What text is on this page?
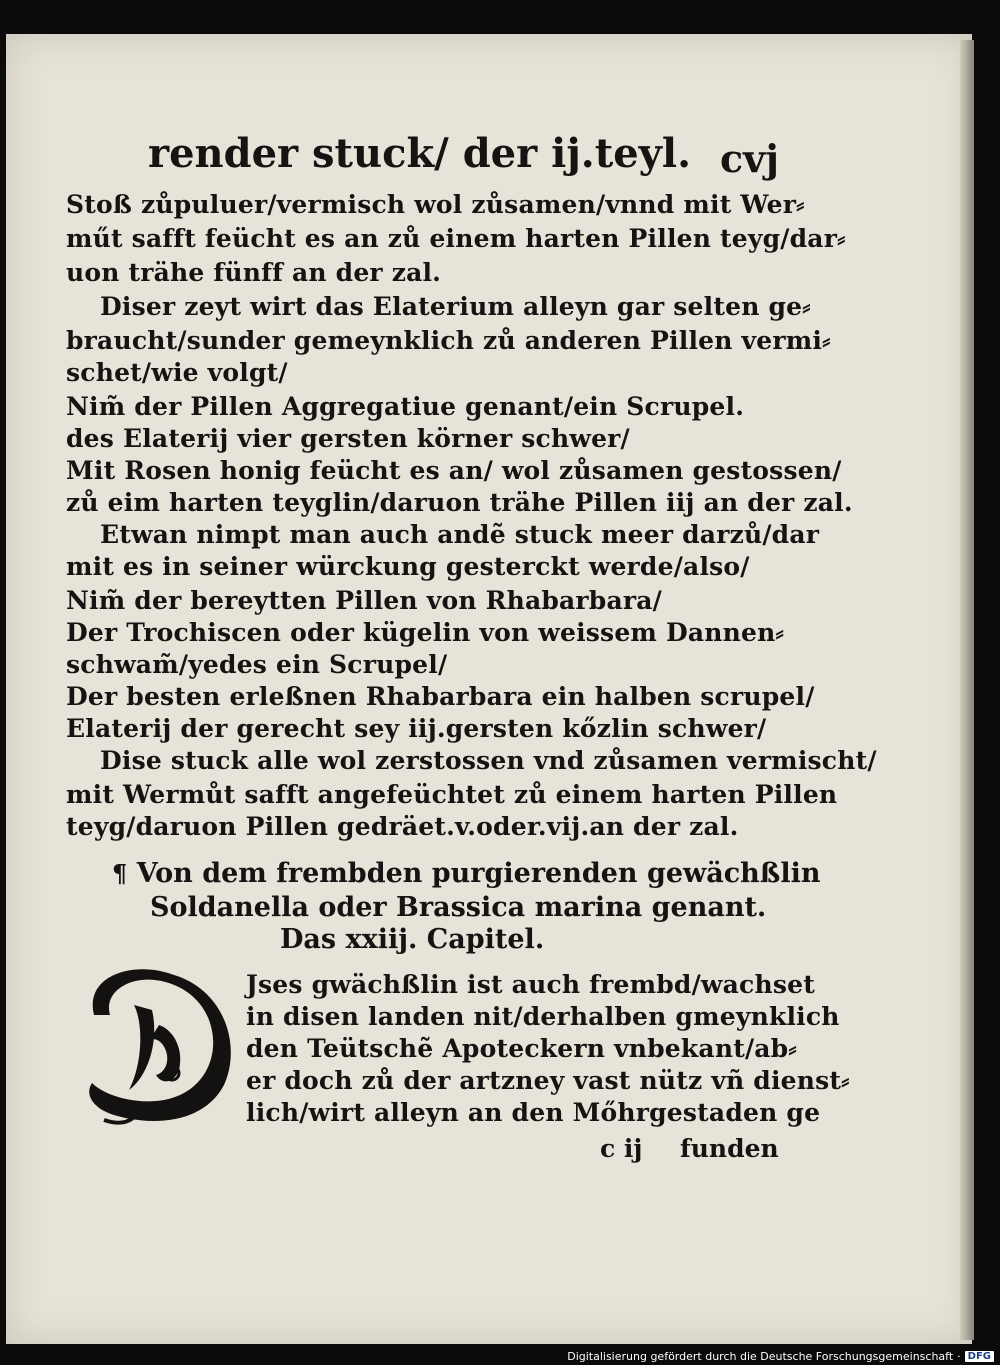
render stuck/ der ij.teyl. cvj
Stoß zůpuluer/vermisch wol zůsamen/vnnd mit Wer⸗
műt safft feücht es an zů einem harten Pillen teyg/dar⸗
uon trähe fünff an der zal.
Diser zeyt wirt das Elaterium alleyn gar selten ge⸗
braucht/sunder gemeynklich zů anderen Pillen vermi⸗
schet/wie volgt/
Nim̃ der Pillen Aggregatiue genant/ein Scrupel.
des Elaterij vier gersten körner schwer/
Mit Rosen honig feücht es an/ wol zůsamen gestossen/
zů eim harten teyglin/daruon trähe Pillen iij an der zal.
Etwan nimpt man auch andẽ stuck meer darzů/dar
mit es in seiner würckung gesterckt werde/also/
Nim̃ der bereytten Pillen von Rhabarbara/
Der Trochiscen oder kügelin von weissem Dannen⸗
schwam̃/yedes ein Scrupel/
Der besten erleßnen Rhabarbara ein halben scrupel/
Elaterij der gerecht sey iij.gersten kőzlin schwer/
Dise stuck alle wol zerstossen vnd zůsamen vermischt/
mit Wermůt safft angefeüchtet zů einem harten Pillen
teyg/daruon Pillen gedräet.v.oder.vij.an der zal.
¶ Von dem frembden purgierenden gewächßlin
Soldanella oder Brassica marina genant.
Das xxiij. Capitel.
Jses gwächßlin ist auch frembd/wachset
in disen landen nit/derhalben gmeynklich
den Teütschẽ Apoteckern vnbekant/ab⸗
er doch zů der artzney vast nütz vñ dienst⸗
lich/wirt alleyn an den Mőhrgestaden ge
c ij funden
Digitalisierung gefördert durch die Deutsche Forschungsgemeinschaft · DFG
